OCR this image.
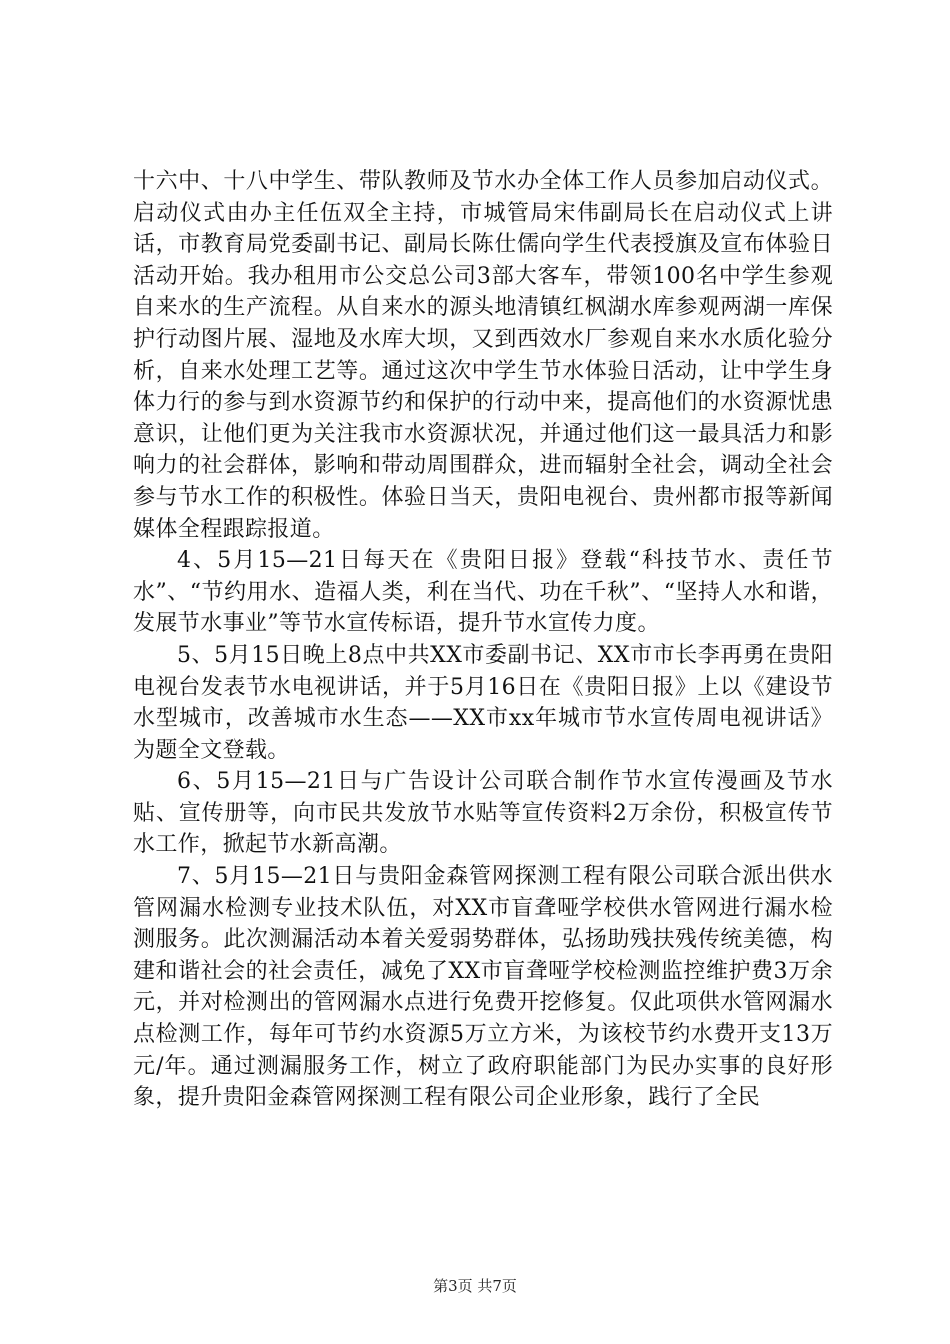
十六中、十八中学生、带队教师及节水办全体工作人员参加启动仪式。启动仪式由办主任伍双全主持，市城管局宋伟副局长在启动仪式上讲话，市教育局党委副书记、副局长陈仕儒向学生代表授旗及宣布体验日活动开始。我办租用市公交总公司3部大客车，带领100名中学生参观自来水的生产流程。从自来水的源头地清镇红枫湖水库参观两湖一库保护行动图片展、湿地及水库大坝，又到西效水厂参观自来水水质化验分析，自来水处理工艺等。通过这次中学生节水体验日活动，让中学生身体力行的参与到水资源节约和保护的行动中来，提高他们的水资源忧患意识，让他们更为关注我市水资源状况，并通过他们这一最具活力和影响力的社会群体，影响和带动周围群众，进而辐射全社会，调动全社会参与节水工作的积极性。体验日当天，贵阳电视台、贵州都市报等新闻媒体全程跟踪报道。

4、5月15—21日每天在《贵阳日报》登载“科技节水、责任节水”、“节约用水、造福人类，利在当代、功在千秋”、“坚持人水和谐，发展节水事业”等节水宣传标语，提升节水宣传力度。

5、5月15日晚上8点中共XX市委副书记、XX市市长李再勇在贵阳电视台发表节水电视讲话，并于5月16日在《贵阳日报》上以《建设节水型城市，改善城市水生态——XX市xx年城市节水宣传周电视讲话》为题全文登载。

6、5月15—21日与广告设计公司联合制作节水宣传漫画及节水贴、宣传册等，向市民共发放节水贴等宣传资料2万余份，积极宣传节水工作，掀起节水新高潮。

7、5月15—21日与贵阳金森管网探测工程有限公司联合派出供水管网漏水检测专业技术队伍，对XX市盲聋哑学校供水管网进行漏水检测服务。此次测漏活动本着关爱弱势群体，弘扬助残扶残传统美德，构建和谐社会的社会责任，减免了XX市盲聋哑学校检测监控维护费3万余元，并对检测出的管网漏水点进行免费开挖修复。仅此项供水管网漏水点检测工作，每年可节约水资源5万立方米，为该校节约水费开支13万元/年。通过测漏服务工作，树立了政府职能部门为民办实事的良好形象，提升贵阳金森管网探测工程有限公司企业形象，践行了全民

第3页 共7页
